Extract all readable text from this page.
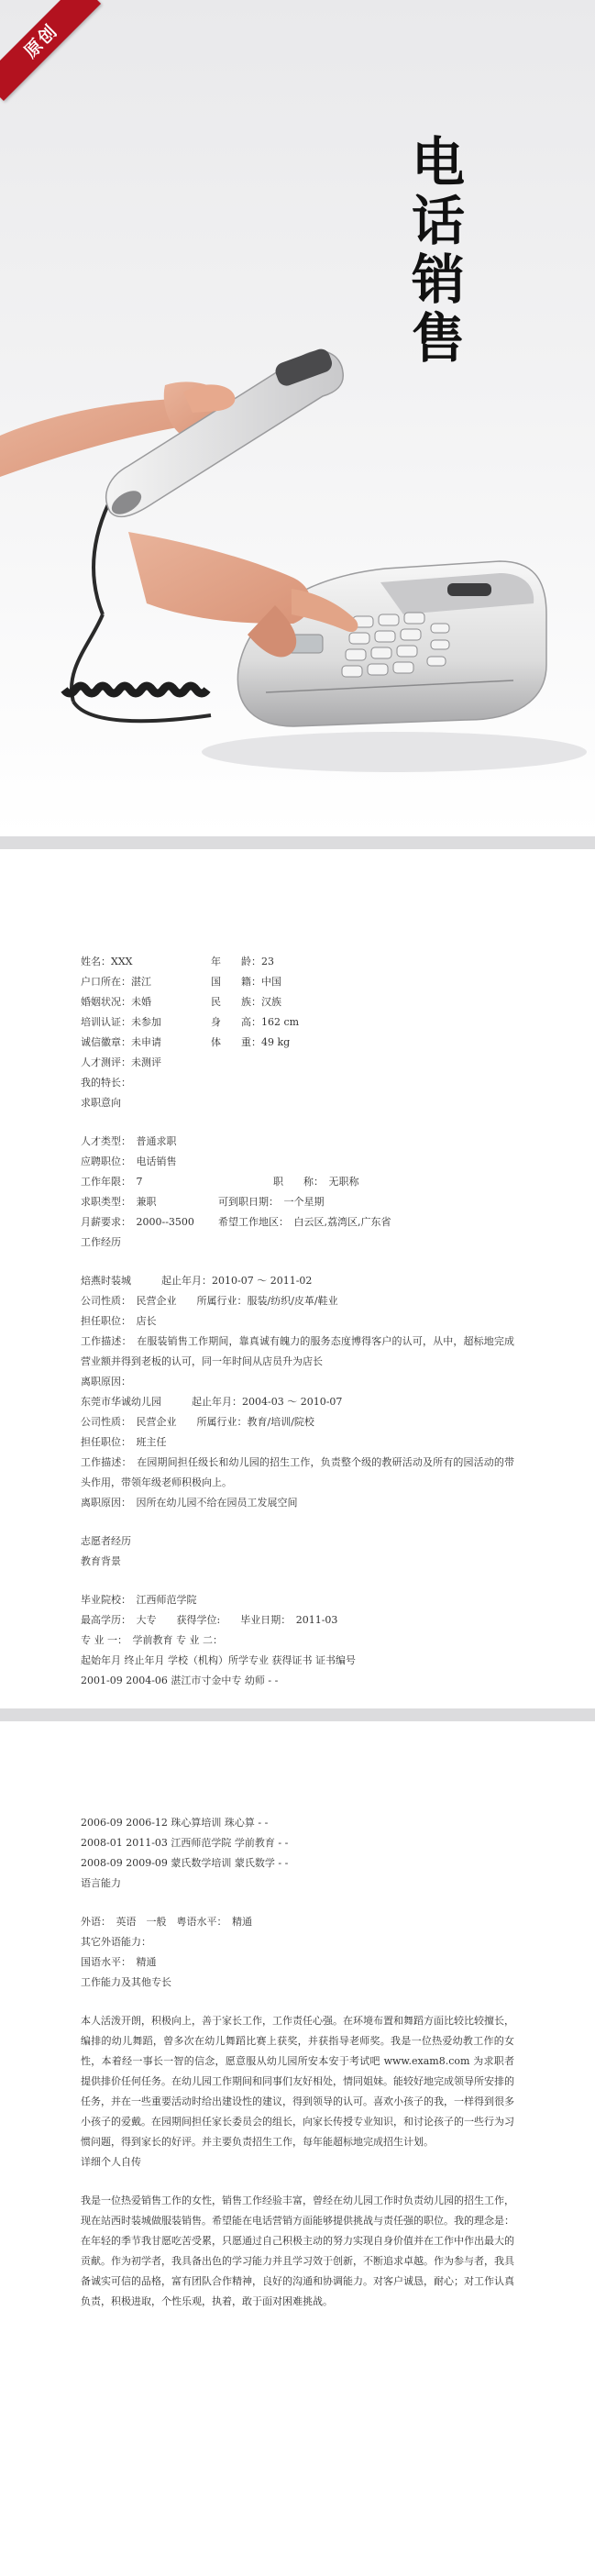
原创
电
话
销
售
姓名：XXX	年　　龄：23
户口所在：湛江	国　　籍：中国
婚姻状况：未婚	民　　族：汉族
培训认证：未参加	身　　高：162 cm
诚信徽章：未申请	体　　重：49 kg
人才测评：未测评
我的特长：
求职意向
人才类型：　普通求职
应聘职位：　电话销售
工作年限：　7	职　　称：　无职称
求职类型：　兼职	可到职日期：　一个星期
月薪要求：　2000--3500	希望工作地区：　白云区,荔湾区,广东省
工作经历
焙燕时装城　　　起止年月：2010-07 ～ 2011-02
公司性质：　民营企业　　所属行业：服装/纺织/皮革/鞋业
担任职位：　店长
工作描述：　在服装销售工作期间，靠真诚有魄力的服务态度博得客户的认可，从中，超标地完成营业额并得到老板的认可，同一年时间从店员升为店长
离职原因：
东莞市华诚幼儿园　　　起止年月：2004-03 ～ 2010-07
公司性质：　民营企业　　所属行业：教育/培训/院校
担任职位：　班主任
工作描述：　在园期间担任级长和幼儿园的招生工作，负责整个级的教研活动及所有的园活动的带头作用，带领年级老师积极向上。
离职原因：　因所在幼儿园不给在园员工发展空间
志愿者经历
教育背景
毕业院校：　江西师范学院
最高学历：　大专　　获得学位:　　毕业日期：　2011-03
专 业 一：　学前教育 专 业 二：
起始年月 终止年月 学校（机构）所学专业 获得证书 证书编号
2001-09 2004-06 湛江市寸金中专 幼师 - -
2006-09 2006-12 珠心算培训 珠心算 - -
2008-01 2011-03 江西师范学院 学前教育 - -
2008-09 2009-09 蒙氏数学培训 蒙氏数学 - -
语言能力
外语：　英语　一般　粤语水平：　精通
其它外语能力：
国语水平：　精通
工作能力及其他专长
本人活泼开朗，积极向上，善于家长工作，工作责任心强。在环境布置和舞蹈方面比较比较擅长，编排的幼儿舞蹈，曾多次在幼儿舞蹈比赛上获奖，并获指导老师奖。我是一位热爱幼教工作的女性，本着经一事长一智的信念，愿意服从幼儿园所安本安于考试吧 www.exam8.com 为求职者提供排价任何任务。在幼儿园工作期间和同事们友好相处，情同姐妹。能较好地完成领导所安排的任务，并在一些重要活动时给出建设性的建议，得到领导的认可。喜欢小孩子的我，一样得到很多小孩子的爱戴。在园期间担任家长委员会的组长，向家长传授专业知识，和讨论孩子的一些行为习惯问题，得到家长的好评。并主要负责招生工作，每年能超标地完成招生计划。
详细个人自传
我是一位热爱销售工作的女性，销售工作经验丰富，曾经在幼儿园工作时负责幼儿园的招生工作，现在站西时装城做服装销售。希望能在电话营销方面能够提供挑战与责任强的职位。我的理念是：在年轻的季节我甘愿吃苦受累，只愿通过自己积极主动的努力实现自身价值并在工作中作出最大的贡献。作为初学者，我具备出色的学习能力并且学习效于创新，不断追求卓越。作为参与者，我具备诚实可信的品格，富有团队合作精神，良好的沟通和协调能力。对客户诚恳，耐心；对工作认真负责，积极进取，个性乐观，执着，敢于面对困难挑战。
